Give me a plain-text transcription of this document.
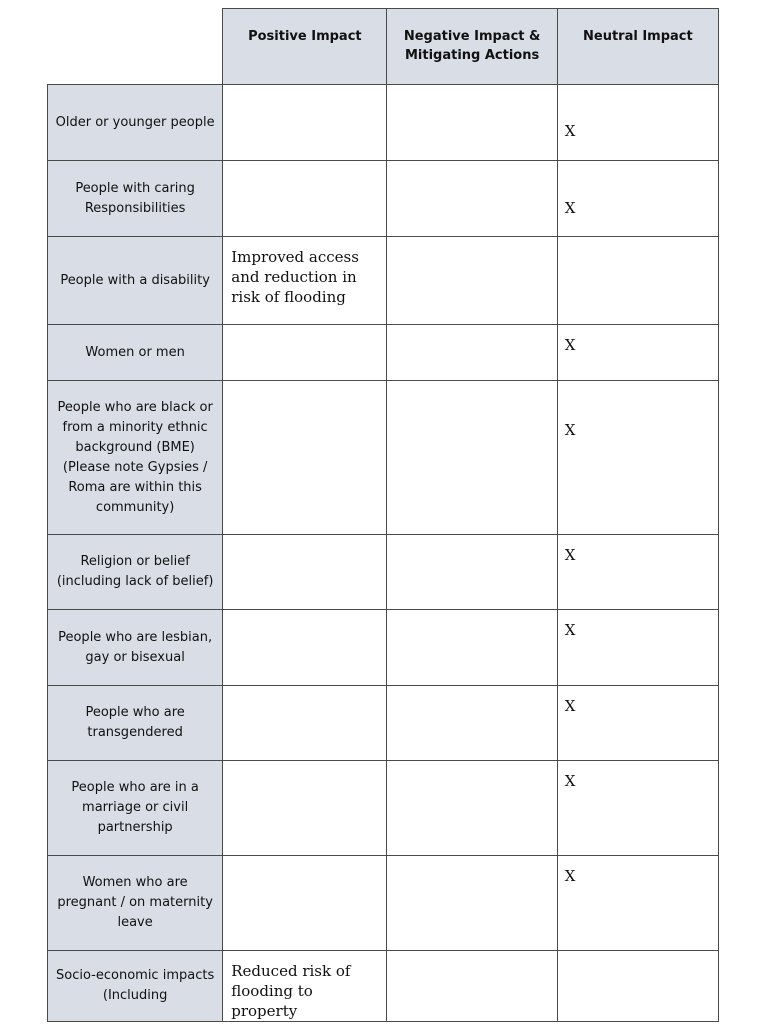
	Positive Impact	Negative Impact & Mitigating Actions	Neutral Impact
Older or younger people			X

People with caring Responsibilities			X

People with a disability	Improved access and reduction in risk of flooding		

Women or men			X

People who are black or from a minority ethnic background (BME) (Please note Gypsies / Roma are within this community)			X

Religion or belief (including lack of belief)			X

People who are lesbian, gay or bisexual			X

People who are transgendered			X

People who are in a marriage or civil partnership			X

Women who are pregnant / on maternity leave			X

Socio-economic impacts (Including	Reduced risk of flooding to property		
